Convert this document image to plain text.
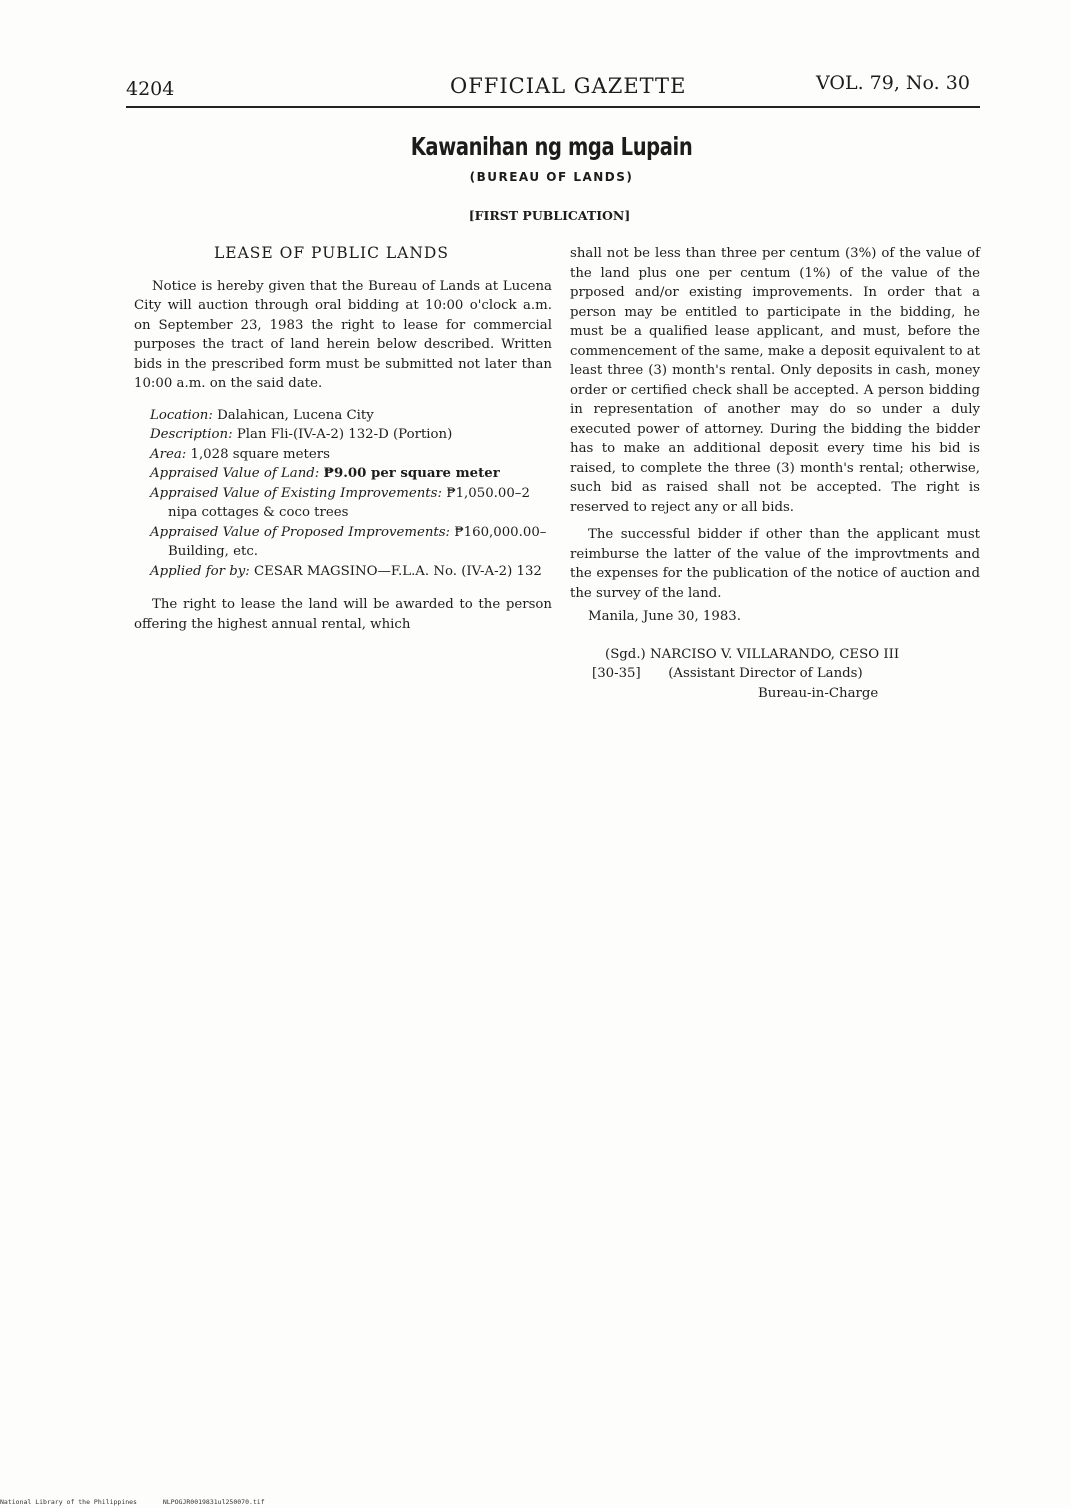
4204	OFFICIAL GAZETTE	VOL. 79, No. 30
Kawanihan ng mga Lupain
(BUREAU OF LANDS)
[FIRST PUBLICATION]
LEASE OF PUBLIC LANDS

Notice is hereby given that the Bureau of Lands at Lucena City will auction through oral bidding at 10:00 o'clock a.m. on September 23, 1983 the right to lease for commercial purposes the tract of land herein below described. Written bids in the prescribed form must be submitted not later than 10:00 a.m. on the said date.

Location: Dalahican, Lucena City
Description: Plan Fli-(IV-A-2) 132-D (Portion)
Area: 1,028 square meters
Appraised Value of Land: ₱9.00 per square meter
Appraised Value of Existing Improvements: ₱1,050.00–2 nipa cottages & coco trees
Appraised Value of Proposed Improvements: ₱160,000.00–Building, etc.
Applied for by: CESAR MAGSINO—F.L.A. No. (IV-A-2) 132

The right to lease the land will be awarded to the person offering the highest annual rental, which

shall not be less than three per centum (3%) of the value of the land plus one per centum (1%) of the value of the prposed and/or existing improvements. In order that a person may be entitled to participate in the bidding, he must be a qualified lease applicant, and must, before the commencement of the same, make a deposit equivalent to at least three (3) month's rental. Only deposits in cash, money order or certified check shall be accepted. A person bidding in representation of another may do so under a duly executed power of attorney. During the bidding the bidder has to make an additional deposit every time his bid is raised, to complete the three (3) month's rental; otherwise, such bid as raised shall not be accepted. The right is reserved to reject any or all bids.

The successful bidder if other than the applicant must reimburse the latter of the value of the improvtments and the expenses for the publication of the notice of auction and the survey of the land.

Manila, June 30, 1983.

(Sgd.) NARCISO V. VILLARANDO, CESO III
[30-35] (Assistant Director of Lands)
Bureau-in-Charge
National Library of the Philippines	NLPOGJR0019831ul250070.tif
